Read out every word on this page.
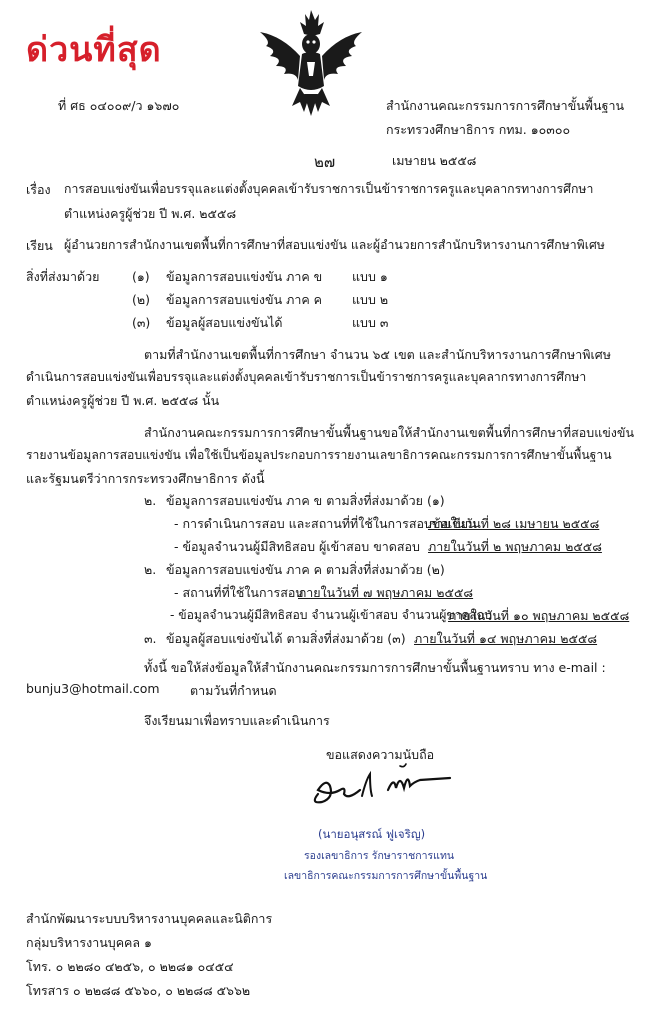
ด่วนที่สุด
ที่ ศธ ๐๔๐๐๙/ว ๑๖๗๐	สำนักงานคณะกรรมการการศึกษาขั้นพื้นฐาน
กระทรวงศึกษาธิการ กทม. ๑๐๓๐๐
๒๗	เมษายน ๒๕๕๘
เรื่อง การสอบแข่งขันเพื่อบรรจุและแต่งตั้งบุคคลเข้ารับราชการเป็นข้าราชการครูและบุคลากรทางการศึกษา
ตำแหน่งครูผู้ช่วย ปี พ.ศ. ๒๕๕๘
เรียน ผู้อำนวยการสำนักงานเขตพื้นที่การศึกษาที่สอบแข่งขัน และผู้อำนวยการสำนักบริหารงานการศึกษาพิเศษ
สิ่งที่ส่งมาด้วย	(๑) ข้อมูลการสอบแข่งขัน ภาค ข แบบ ๑
(๒) ข้อมูลการสอบแข่งขัน ภาค ค แบบ ๒
(๓) ข้อมูลผู้สอบแข่งขันได้	แบบ ๓
ตามที่สำนักงานเขตพื้นที่การศึกษา จำนวน ๖๕ เขต และสำนักบริหารงานการศึกษาพิเศษ
ดำเนินการสอบแข่งขันเพื่อบรรจุและแต่งตั้งบุคคลเข้ารับราชการเป็นข้าราชการครูและบุคลากรทางการศึกษา
ตำแหน่งครูผู้ช่วย ปี พ.ศ. ๒๕๕๘ นั้น
สำนักงานคณะกรรมการการศึกษาขั้นพื้นฐานขอให้สำนักงานเขตพื้นที่การศึกษาที่สอบแข่งขัน
รายงานข้อมูลการสอบแข่งขัน เพื่อใช้เป็นข้อมูลประกอบการรายงานเลขาธิการคณะกรรมการการศึกษาขั้นพื้นฐาน
และรัฐมนตรีว่าการกระทรวงศึกษาธิการ ดังนี้
๒. ข้อมูลการสอบแข่งขัน ภาค ข ตามสิ่งที่ส่งมาด้วย (๑)
- การดำเนินการสอบ และสถานที่ที่ใช้ในการสอบข้อเขียน
ภายในวันที่ ๒๘ เมษายน ๒๕๕๘
- ข้อมูลจำนวนผู้มีสิทธิสอบ ผู้เข้าสอบ ขาดสอบ ภายในวันที่ ๒ พฤษภาคม ๒๕๕๘
๒. ข้อมูลการสอบแข่งขัน ภาค ค ตามสิ่งที่ส่งมาด้วย (๒)
- สถานที่ที่ใช้ในการสอบ
ภายในวันที่ ๗ พฤษภาคม ๒๕๕๘
- ข้อมูลจำนวนผู้มีสิทธิสอบ จำนวนผู้เข้าสอบ จำนวนผู้ขาดสอบ
ภายในวันที่ ๑๐ พฤษภาคม ๒๕๕๘
๓. ข้อมูลผู้สอบแข่งขันได้ ตามสิ่งที่ส่งมาด้วย (๓) ภายในวันที่ ๑๔ พฤษภาคม ๒๕๕๘
ทั้งนี้ ขอให้ส่งข้อมูลให้สำนักงานคณะกรรมการการศึกษาขั้นพื้นฐานทราบ ทาง e-mail :
bunju3@hotmail.com ตามวันที่กำหนด
จึงเรียนมาเพื่อทราบและดำเนินการ
ขอแสดงความนับถือ
(นายอนุสรณ์ ฟูเจริญ)
รองเลขาธิการ รักษาราชการแทน
เลขาธิการคณะกรรมการการศึกษาขั้นพื้นฐาน
สำนักพัฒนาระบบบริหารงานบุคคลและนิติการ
กลุ่มบริหารงานบุคคล ๑
โทร. ๐ ๒๒๘๐ ๔๒๕๖, ๐ ๒๒๘๑ ๐๔๕๔
โทรสาร ๐ ๒๒๘๘ ๕๖๖๐, ๐ ๒๒๘๘ ๕๖๖๒
